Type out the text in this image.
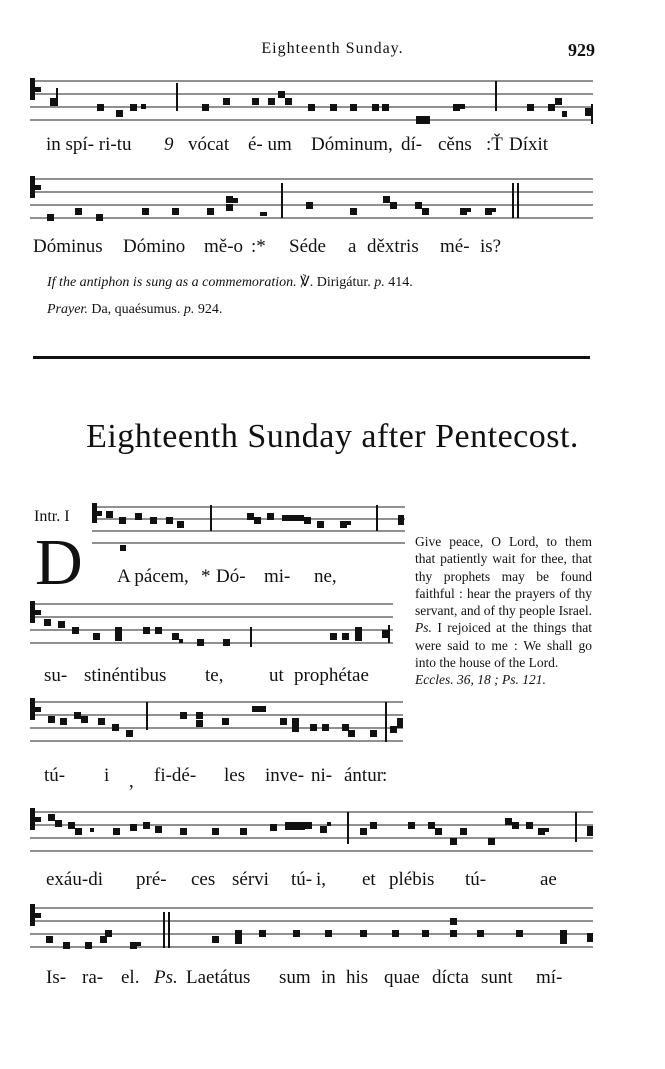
Eighteenth Sunday.	929
in spí- ri-tu 9 vócat é- um Dóminum, dí- cěns :Ť Díxit
Dóminus Dómino mě-o :* Séde a děxtris mé- is?
If the antiphon is sung as a commemoration. ℣. Dirigátur. p. 414.
Prayer. Da, quaésumus. p. 924.
Eighteenth Sunday after Pentecost.
Intr. I
D A pácem, * Dó- mi- ne,
su- stinéntibus te, ut prophétae
tú- i , fi-dé- les inve- ni- ántur
:
Give peace, O Lord, to them that patiently wait for thee, that thy prophets may be found faithful : hear the prayers of thy servant, and of thy people Israel. Ps. I rejoiced at the things that were said to me : We shall go into the house of the Lord.
Eccles. 36, 18 ; Ps. 121.
exáu-di pré- ces sérvi tú- i, et plébis tú-	ae
Is- ra- el. Ps. Laetátus sum in his quae dícta sunt mí-
